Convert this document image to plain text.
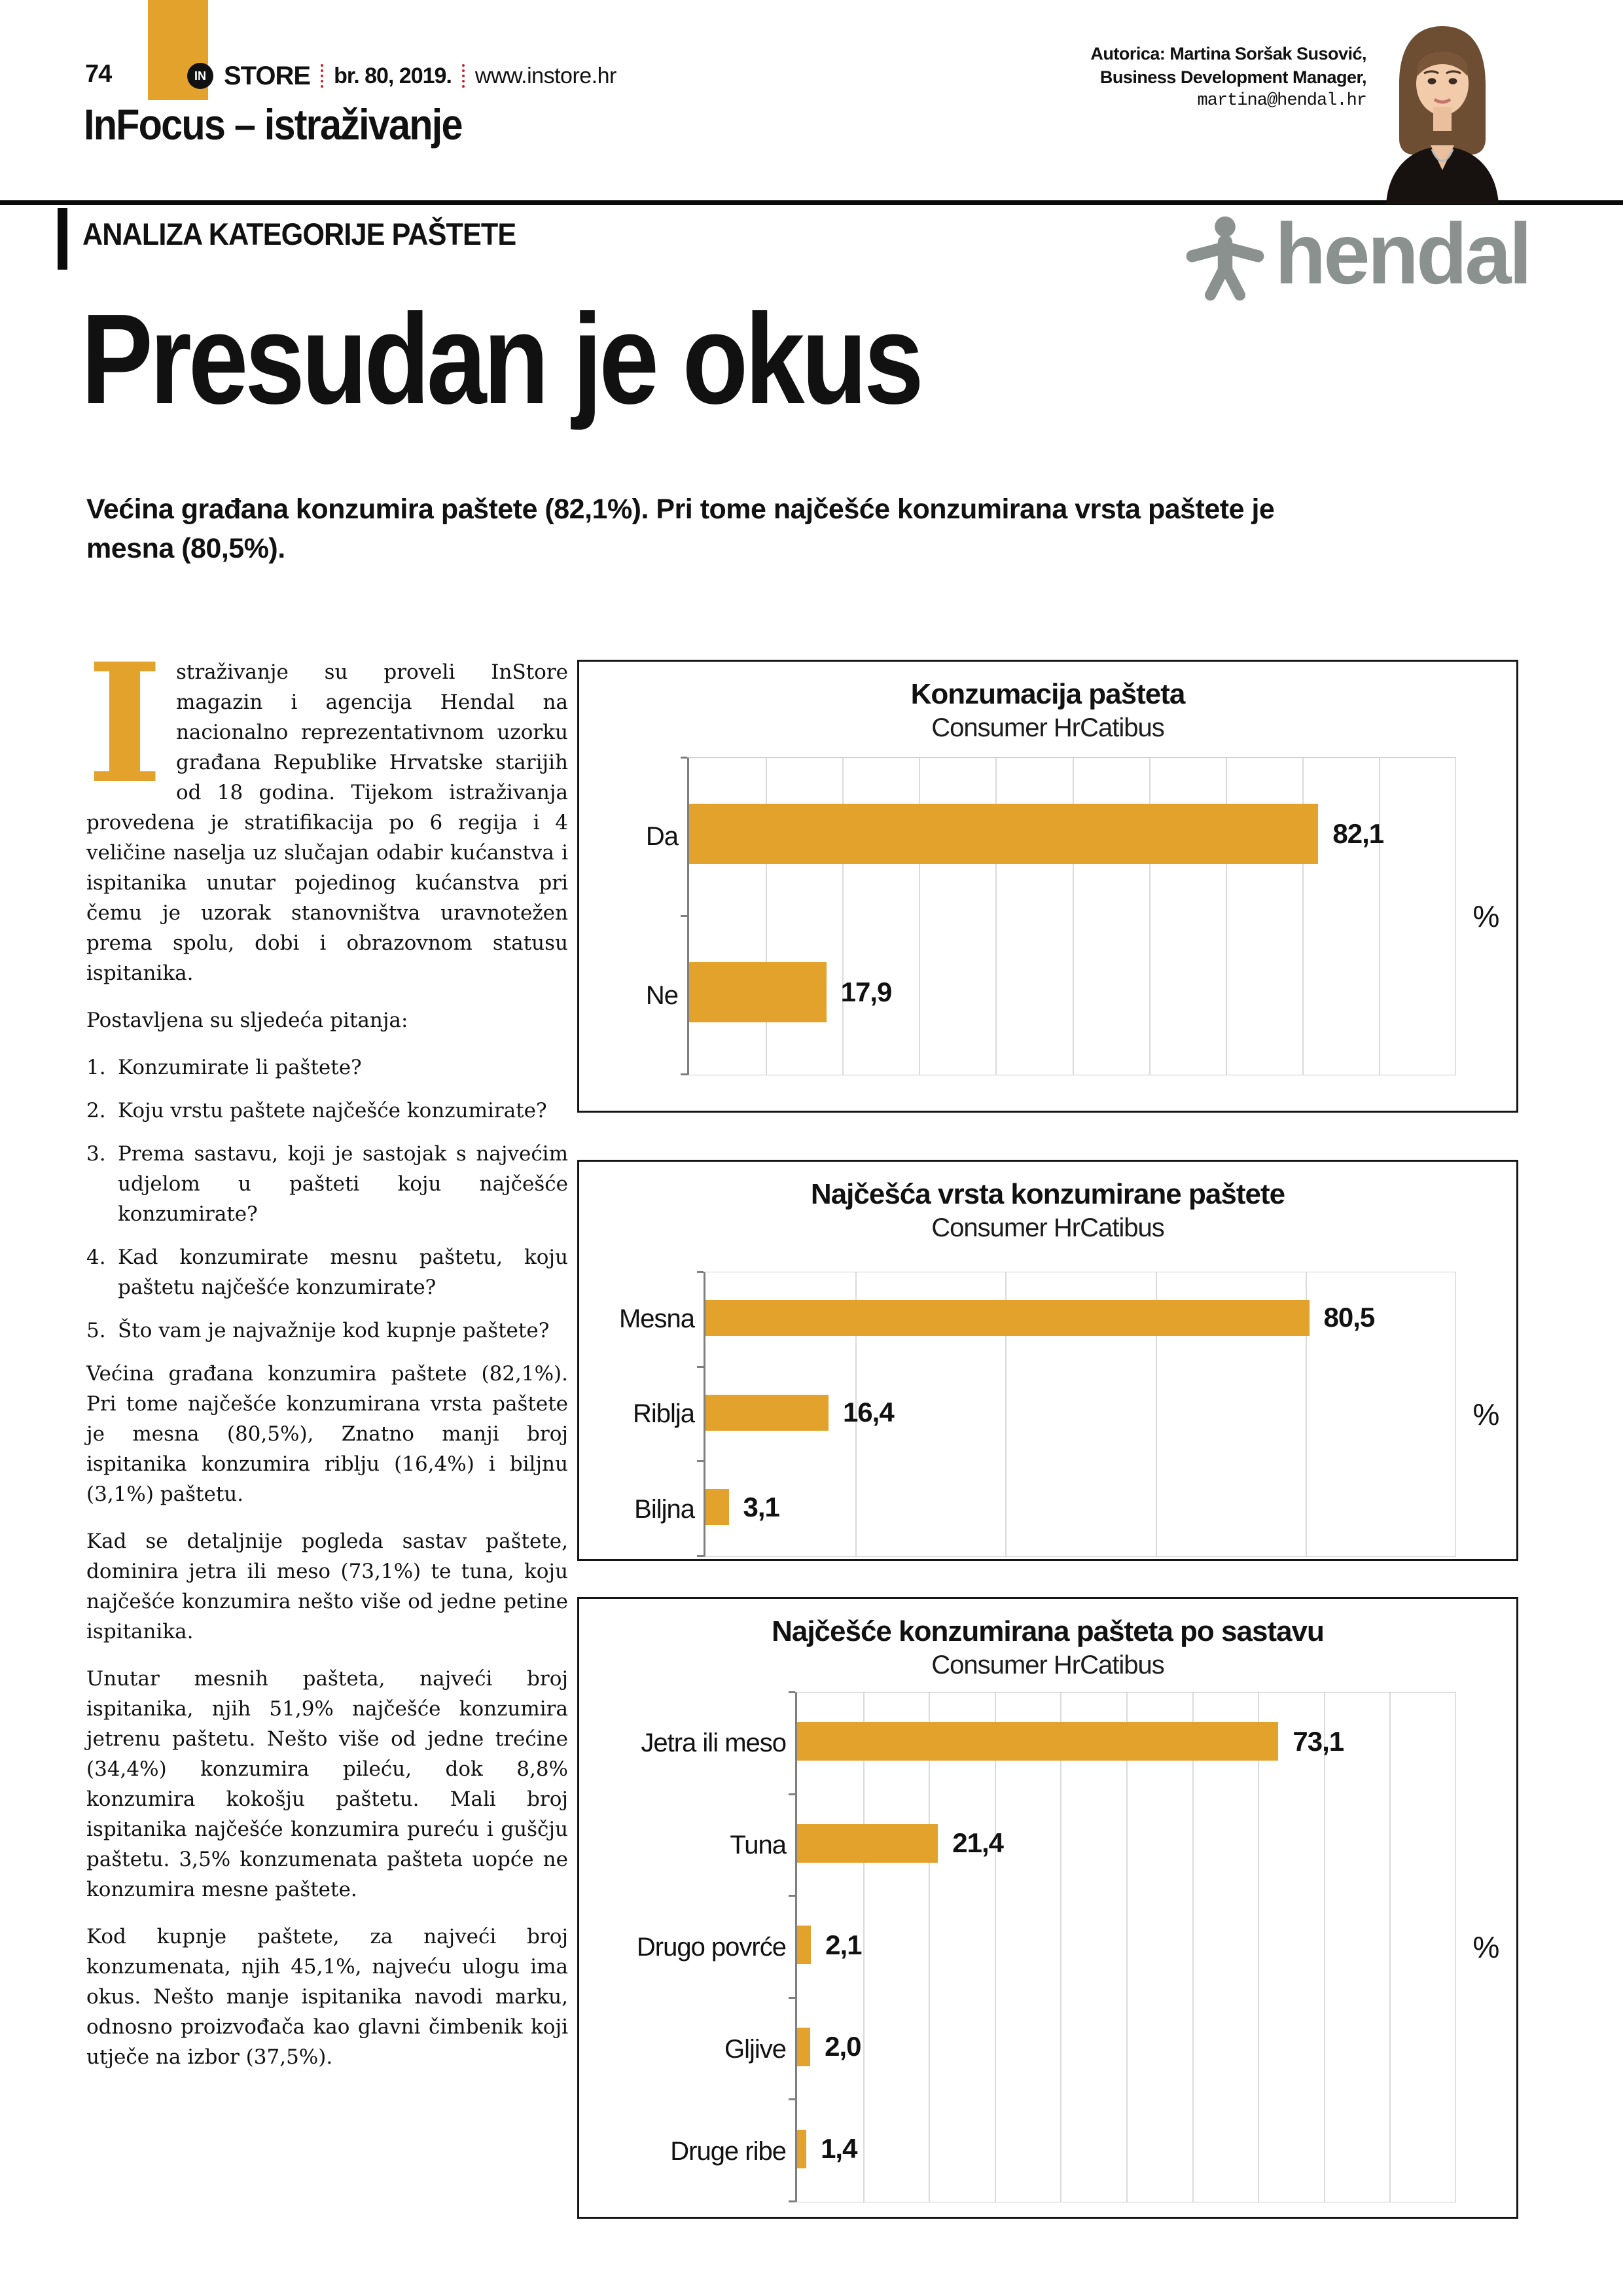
74	IN STORE br. 80, 2019. www.instore.hr
InFocus – istraživanje
Autorica: Martina Soršak Susović,
Business Development Manager,
martina@hendal.hr
ANALIZA KATEGORIJE PAŠTETE	hendal
Presudan je okus
Većina građana konzumira paštete (82,1%). Pri tome najčešće konzumirana vrsta paštete je mesna (80,5%).

Istraživanje su proveli InStore magazin i agencija Hendal na nacionalno reprezentativnom uzorku građana Republike Hrvatske starijih od 18 godina. Tijekom istraživanja provedena je stratifikacija po 6 regija i 4 veličine naselja uz slučajan odabir kućanstva i ispitanika unutar pojedinog kućanstva pri čemu je uzorak stanovništva uravnotežen prema spolu, dobi i obrazovnom statusu ispitanika.

Postavljena su sljedeća pitanja:

1. Konzumirate li paštete?
2. Koju vrstu paštete najčešće konzumirate?
3. Prema sastavu, koji je sastojak s najvećim udjelom u pašteti koju najčešće konzumirate?
4. Kad konzumirate mesnu paštetu, koju paštetu najčešće konzumirate?
5. Što vam je najvažnije kod kupnje paštete?

Većina građana konzumira paštete (82,1%). Pri tome najčešće konzumirana vrsta paštete je mesna (80,5%), Znatno manji broj ispitanika konzumira riblju (16,4%) i biljnu (3,1%) paštetu.

Kad se detaljnije pogleda sastav paštete, dominira jetra ili meso (73,1%) te tuna, koju najčešće konzumira nešto više od jedne petine ispitanika.

Unutar mesnih pašteta, najveći broj ispitanika, njih 51,9% najčešće konzumira jetrenu paštetu. Nešto više od jedne trećine (34,4%) konzumira pileću, dok 8,8% konzumira kokošju paštetu. Mali broj ispitanika najčešće konzumira pureću i guščju paštetu. 3,5% konzumenata pašteta uopće ne konzumira mesne paštete.

Kod kupnje paštete, za najveći broj konzumenata, njih 45,1%, najveću ulogu ima okus. Nešto manje ispitanika navodi marku, odnosno proizvođača kao glavni čimbenik koji utječe na izbor (37,5%).

Konzumacija pašteta
Consumer HrCatibus
Da
Ne
82,1
17,9
%
Najčešća vrsta konzumirane paštete
Consumer HrCatibus
Mesna
Riblja
Biljna
80,5
16,4
3,1
%
Najčešće konzumirana pašteta po sastavu
Consumer HrCatibus
Jetra ili meso
Tuna
Drugo povrće
Gljive
Druge ribe
73,1
21,4
2,1
2,0
1,4
%
